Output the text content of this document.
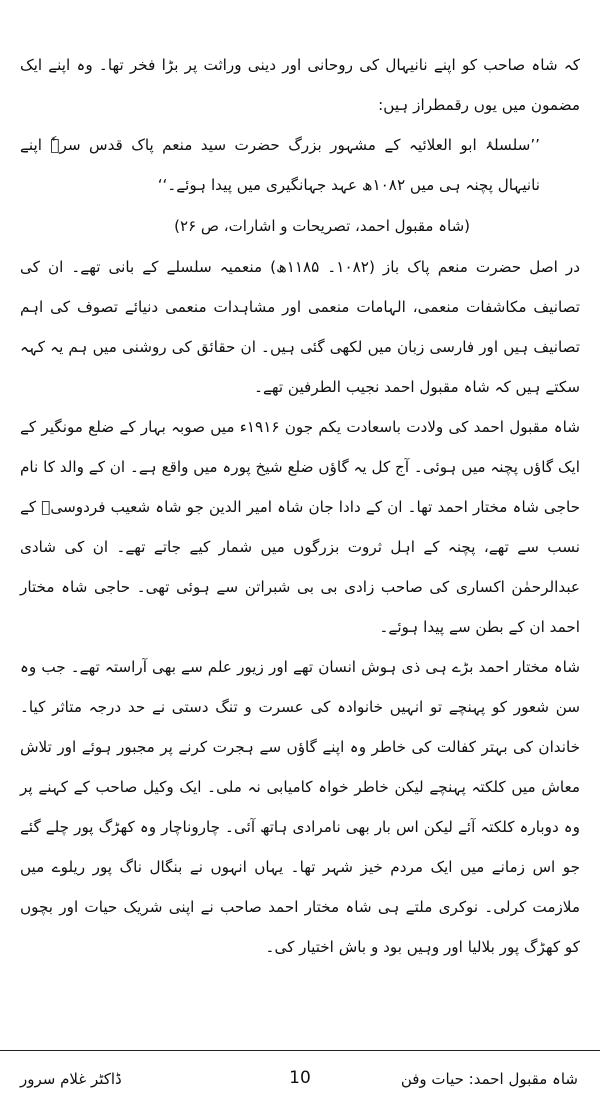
کہ شاہ صاحب کو اپنے نانیہال کی روحانی اور دینی وراثت پر بڑا فخر تھا۔ وہ اپنے ایک مضمون میں یوں رقمطراز ہیں:

’’سلسلۂ ابو العلائیہ کے مشہور بزرگ حضرت سید منعم پاک قدس سرہٗ اپنے نانیہال پچنہ ہی میں ۱۰۸۲ھ عہد جہانگیری میں پیدا ہوئے۔‘‘

(شاہ مقبول احمد، تصریحات و اشارات، ص ۲۶)

در اصل حضرت منعم پاک باز (۱۰۸۲۔ ۱۱۸۵ھ) منعمیہ سلسلے کے بانی تھے۔ ان کی تصانیف مکاشفات منعمی، الہامات منعمی اور مشاہدات منعمی دنیائے تصوف کی اہم تصانیف ہیں اور فارسی زبان میں لکھی گئی ہیں۔ ان حقائق کی روشنی میں ہم یہ کہہ سکتے ہیں کہ شاہ مقبول احمد نجیب الطرفین تھے۔

شاہ مقبول احمد کی ولادت باسعادت یکم جون ۱۹۱۶ء میں صوبہ بہار کے ضلع مونگیر کے ایک گاؤں پچنہ میں ہوئی۔ آج کل یہ گاؤں ضلع شیخ پورہ میں واقع ہے۔ ان کے والد کا نام حاجی شاہ مختار احمد تھا۔ ان کے دادا جان شاہ امیر الدین جو شاہ شعیب فردوسیؒ کے نسب سے تھے، پچنہ کے اہل ثروت بزرگوں میں شمار کیے جاتے تھے۔ ان کی شادی عبدالرحمٰن اکساری کی صاحب زادی بی بی شبراتن سے ہوئی تھی۔ حاجی شاہ مختار احمد ان کے بطن سے پیدا ہوئے۔

شاہ مختار احمد بڑے ہی ذی ہوش انسان تھے اور زیور علم سے بھی آراستہ تھے۔ جب وہ سن شعور کو پہنچے تو انہیں خانوادہ کی عسرت و تنگ دستی نے حد درجہ متاثر کیا۔ خاندان کی بہتر کفالت کی خاطر وہ اپنے گاؤں سے ہجرت کرنے پر مجبور ہوئے اور تلاش معاش میں کلکتہ پہنچے لیکن خاطر خواہ کامیابی نہ ملی۔ ایک وکیل صاحب کے کہنے پر وہ دوبارہ کلکتہ آئے لیکن اس بار بھی نامرادی ہاتھ آئی۔ چاروناچار وہ کھڑگ پور چلے گئے جو اس زمانے میں ایک مردم خیز شہر تھا۔ یہاں انہوں نے بنگال ناگ پور ریلوے میں ملازمت کرلی۔ نوکری ملتے ہی شاہ مختار احمد صاحب نے اپنی شریک حیات اور بچوں کو کھڑگ پور بلالیا اور وہیں بود و باش اختیار کی۔

شاہ مقبول احمد: حیات وفن
10
ڈاکٹر غلام سرور
